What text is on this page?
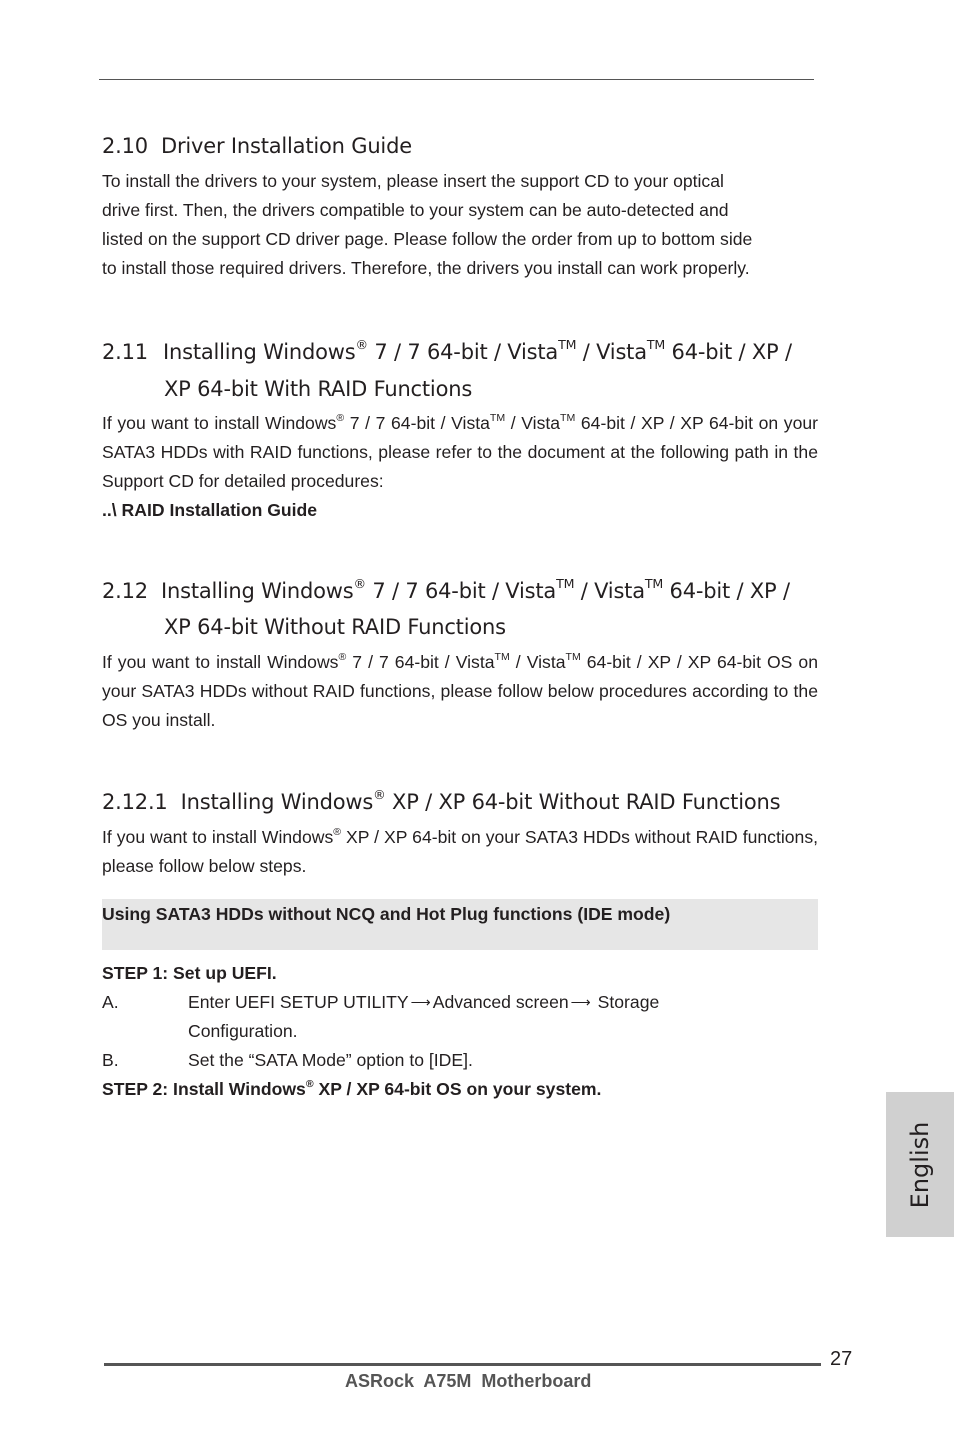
2.10 Driver Installation Guide
To install the drivers to your system, please insert the support CD to your optical
drive first. Then, the drivers compatible to your system can be auto-detected and
listed on the support CD driver page. Please follow the order from up to bottom side
to install those required drivers. Therefore, the drivers you install can work properly.
2.11 Installing Windows® 7 / 7 64-bit / Vista™ / Vista™ 64-bit / XP /
XP 64-bit With RAID Functions
If you want to install Windows® 7 / 7 64-bit / Vista™ / Vista™ 64-bit / XP / XP 64-bit on your SATA3 HDDs with RAID functions, please refer to the document at the following path in the Support CD for detailed procedures:
..\ RAID Installation Guide
2.12 Installing Windows® 7 / 7 64-bit / Vista™ / Vista™ 64-bit / XP /
XP 64-bit Without RAID Functions
If you want to install Windows® 7 / 7 64-bit / Vista™ / Vista™ 64-bit / XP / XP 64-bit OS on your SATA3 HDDs without RAID functions, please follow below procedures according to the OS you install.
2.12.1 Installing Windows® XP / XP 64-bit Without RAID Functions
If you want to install Windows® XP / XP 64-bit on your SATA3 HDDs without RAID functions, please follow below steps.
Using SATA3 HDDs without NCQ and Hot Plug functions (IDE mode)
STEP 1: Set up UEFI.
A.	Enter UEFI SETUP UTILITY ⟶ Advanced screen ⟶ Storage
Configuration.
B.	Set the “SATA Mode” option to [IDE].
STEP 2: Install Windows® XP / XP 64-bit OS on your system.
English
27
ASRock  A75M  Motherboard
